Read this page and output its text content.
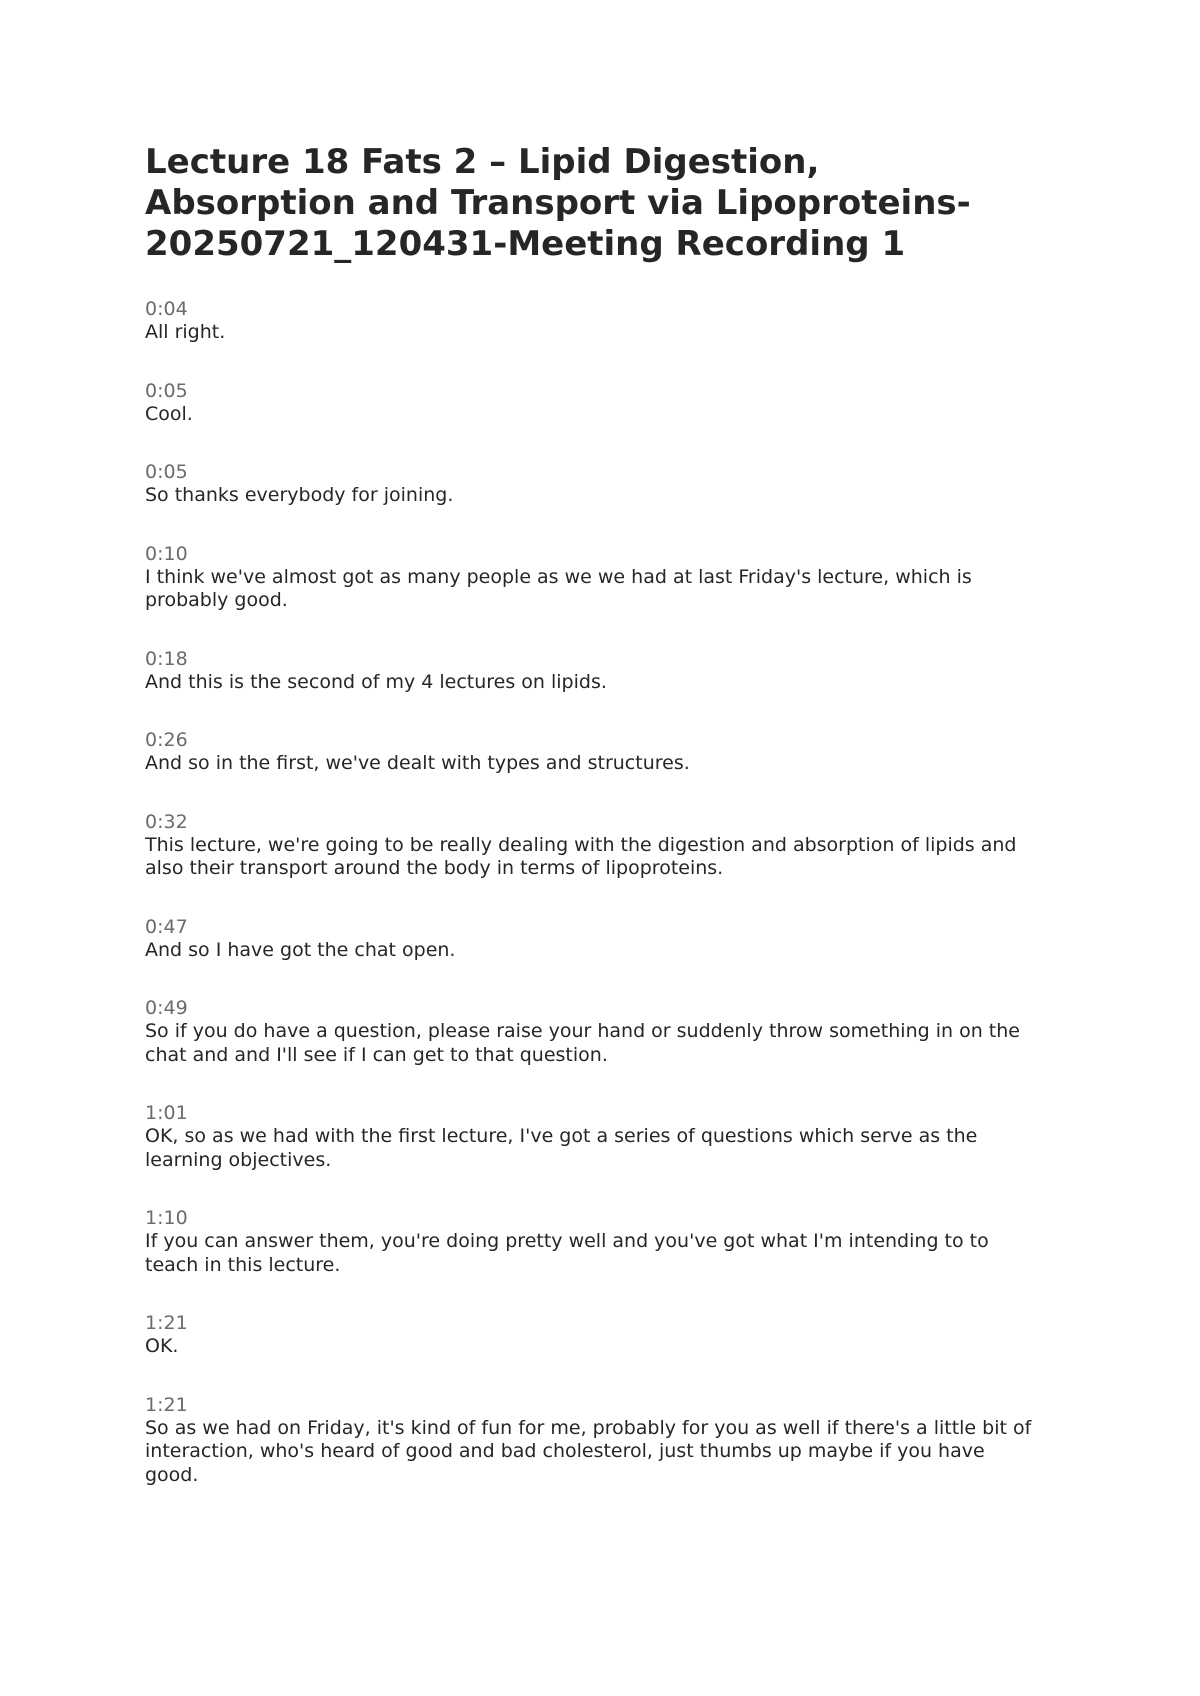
Lecture 18 Fats 2 – Lipid Digestion, Absorption and Transport via Lipoproteins-20250721_120431-Meeting Recording 1
0:04
All right.
0:05
Cool.
0:05
So thanks everybody for joining.
0:10
I think we've almost got as many people as we we had at last Friday's lecture, which is probably good.
0:18
And this is the second of my 4 lectures on lipids.
0:26
And so in the first, we've dealt with types and structures.
0:32
This lecture, we're going to be really dealing with the digestion and absorption of lipids and also their transport around the body in terms of lipoproteins.
0:47
And so I have got the chat open.
0:49
So if you do have a question, please raise your hand or suddenly throw something in on the chat and and I'll see if I can get to that question.
1:01
OK, so as we had with the first lecture, I've got a series of questions which serve as the learning objectives.
1:10
If you can answer them, you're doing pretty well and you've got what I'm intending to to teach in this lecture.
1:21
OK.
1:21
So as we had on Friday, it's kind of fun for me, probably for you as well if there's a little bit of interaction, who's heard of good and bad cholesterol, just thumbs up maybe if you have good.
